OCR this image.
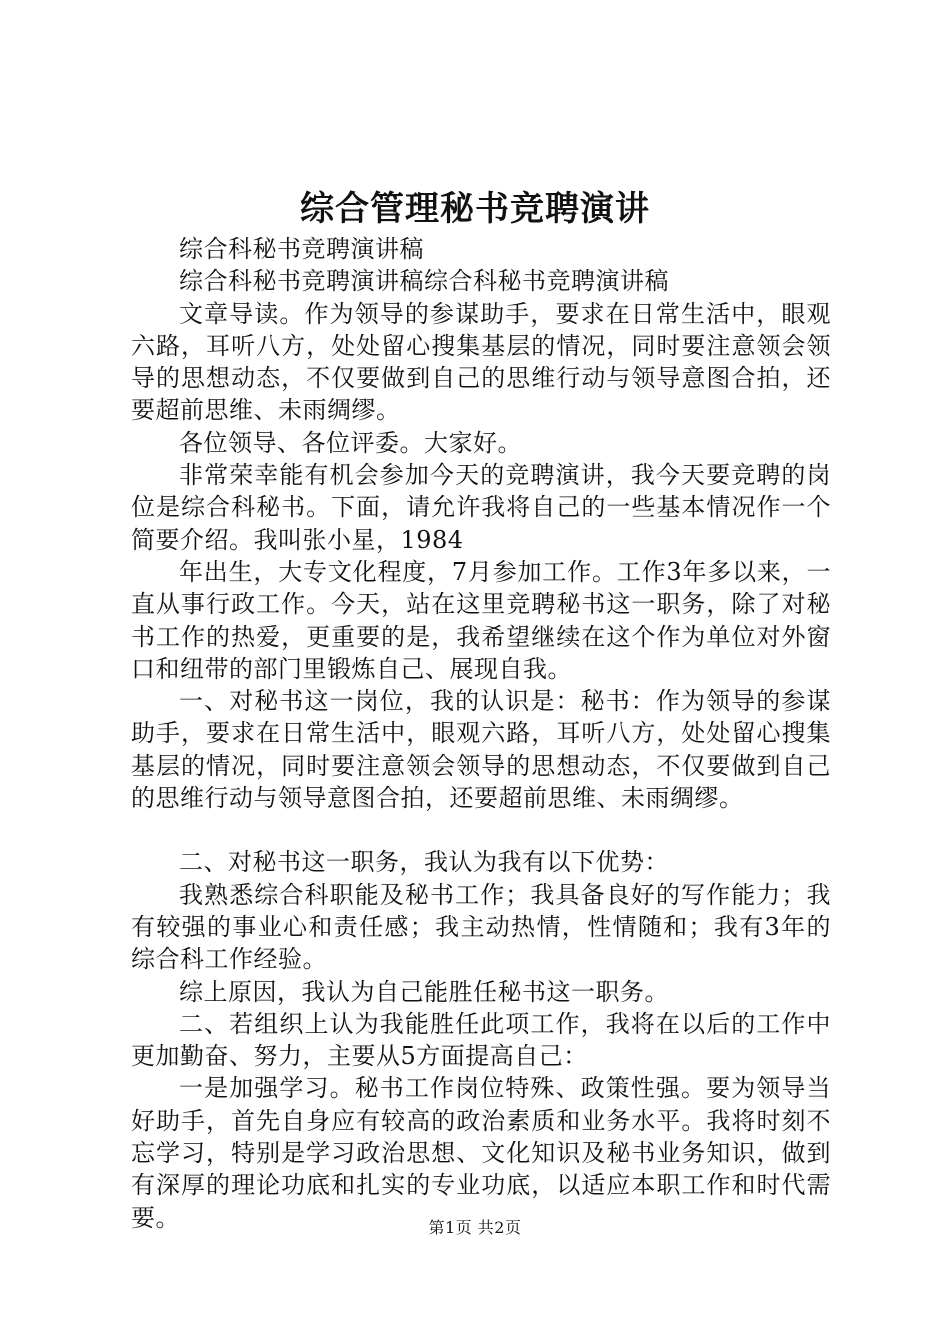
综合管理秘书竞聘演讲

综合科秘书竞聘演讲稿

综合科秘书竞聘演讲稿综合科秘书竞聘演讲稿

文章导读。作为领导的参谋助手，要求在日常生活中，眼观六路，耳听八方，处处留心搜集基层的情况，同时要注意领会领导的思想动态，不仅要做到自己的思维行动与领导意图合拍，还要超前思维、未雨绸缪。

各位领导、各位评委。大家好。

非常荣幸能有机会参加今天的竞聘演讲，我今天要竞聘的岗位是综合科秘书。下面，请允许我将自己的一些基本情况作一个简要介绍。我叫张小星，1984

年出生，大专文化程度，7月参加工作。工作3年多以来，一直从事行政工作。今天，站在这里竞聘秘书这一职务，除了对秘书工作的热爱，更重要的是，我希望继续在这个作为单位对外窗口和纽带的部门里锻炼自己、展现自我。

一、对秘书这一岗位，我的认识是：秘书：作为领导的参谋助手，要求在日常生活中，眼观六路，耳听八方，处处留心搜集基层的情况，同时要注意领会领导的思想动态，不仅要做到自己的思维行动与领导意图合拍，还要超前思维、未雨绸缪。

二、对秘书这一职务，我认为我有以下优势：

我熟悉综合科职能及秘书工作；我具备良好的写作能力；我有较强的事业心和责任感；我主动热情，性情随和；我有3年的综合科工作经验。

综上原因，我认为自己能胜任秘书这一职务。

二、若组织上认为我能胜任此项工作，我将在以后的工作中更加勤奋、努力，主要从5方面提高自己：

一是加强学习。秘书工作岗位特殊、政策性强。要为领导当好助手，首先自身应有较高的政治素质和业务水平。我将时刻不忘学习，特别是学习政治思想、文化知识及秘书业务知识，做到有深厚的理论功底和扎实的专业功底，以适应本职工作和时代需要。	第1页 共2页
